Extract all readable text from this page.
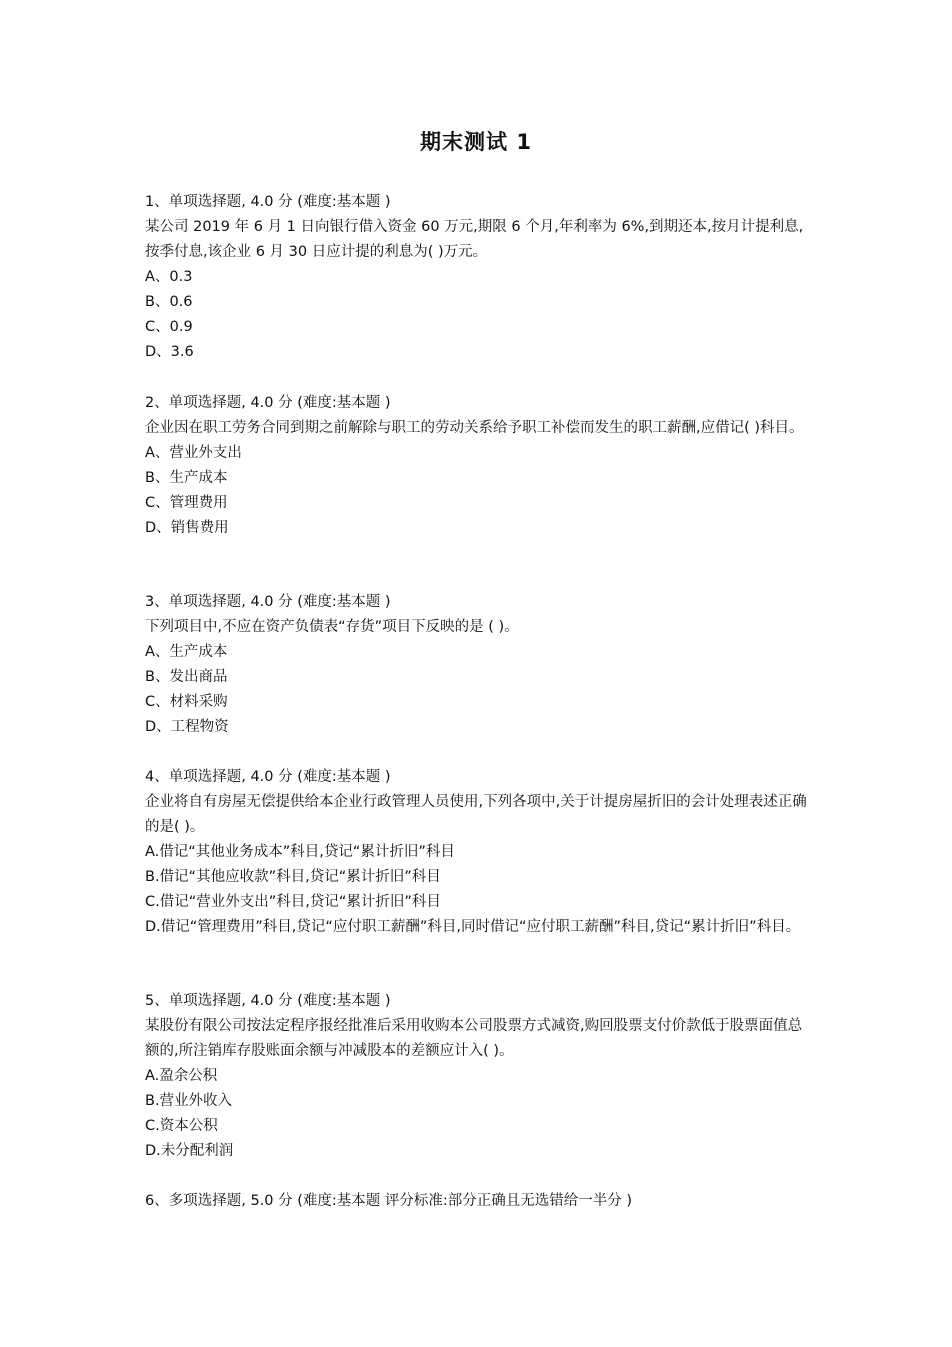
期末测试 1
1、单项选择题, 4.0 分 (难度:基本题 )
某公司 2019 年 6 月 1 日向银行借入资金 60 万元,期限 6 个月,年利率为 6%,到期还本,按月计提利息,按季付息,该企业 6 月 30 日应计提的利息为( )万元。
A、0.3
B、0.6
C、0.9
D、3.6
2、单项选择题, 4.0 分 (难度:基本题 )
企业因在职工劳务合同到期之前解除与职工的劳动关系给予职工补偿而发生的职工薪酬,应借记( )科目。
A、营业外支出
B、生产成本
C、管理费用
D、销售费用
3、单项选择题, 4.0 分 (难度:基本题 )
下列项目中,不应在资产负债表“存货”项目下反映的是 ( )。
A、生产成本
B、发出商品
C、材料采购
D、工程物资
4、单项选择题, 4.0 分 (难度:基本题 )
企业将自有房屋无偿提供给本企业行政管理人员使用,下列各项中,关于计提房屋折旧的会计处理表述正确的是( )。
A.借记“其他业务成本”科目,贷记“累计折旧”科目
B.借记“其他应收款”科目,贷记“累计折旧”科目
C.借记“营业外支出”科目,贷记“累计折旧”科目
D.借记“管理费用”科目,贷记“应付职工薪酬”科目,同时借记“应付职工薪酬”科目,贷记“累计折旧”科目。
5、单项选择题, 4.0 分 (难度:基本题 )
某股份有限公司按法定程序报经批准后采用收购本公司股票方式减资,购回股票支付价款低于股票面值总额的,所注销库存股账面余额与冲减股本的差额应计入( )。
A.盈余公积
B.营业外收入
C.资本公积
D.未分配利润
6、多项选择题, 5.0 分 (难度:基本题 评分标准:部分正确且无选错给一半分 )
